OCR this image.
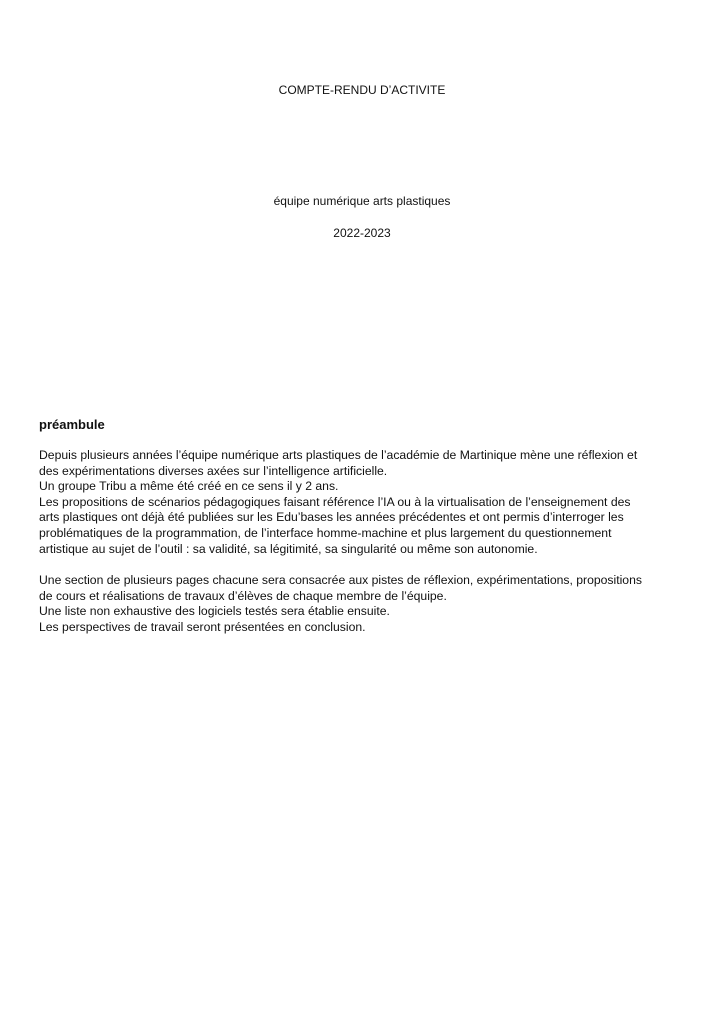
COMPTE-RENDU D’ACTIVITE
équipe numérique arts plastiques
2022-2023
préambule
Depuis plusieurs années l’équipe numérique arts plastiques de l’académie de Martinique mène une réflexion et
des expérimentations diverses axées sur l’intelligence artificielle.
Un groupe Tribu a même été créé en ce sens il y 2 ans.
Les propositions de scénarios pédagogiques faisant référence l’IA ou à la virtualisation de l’enseignement des
arts plastiques ont déjà été publiées sur les Edu’bases les années précédentes et ont permis d’interroger les
problématiques de la programmation, de l’interface homme-machine et plus largement du questionnement
artistique au sujet de l’outil : sa validité, sa légitimité, sa singularité ou même son autonomie.
Une section de plusieurs pages chacune sera consacrée aux pistes de réflexion, expérimentations, propositions
de cours et réalisations de travaux d’élèves de chaque membre de l’équipe.
Une liste non exhaustive des logiciels testés sera établie ensuite.
Les perspectives de travail seront présentées en conclusion.
